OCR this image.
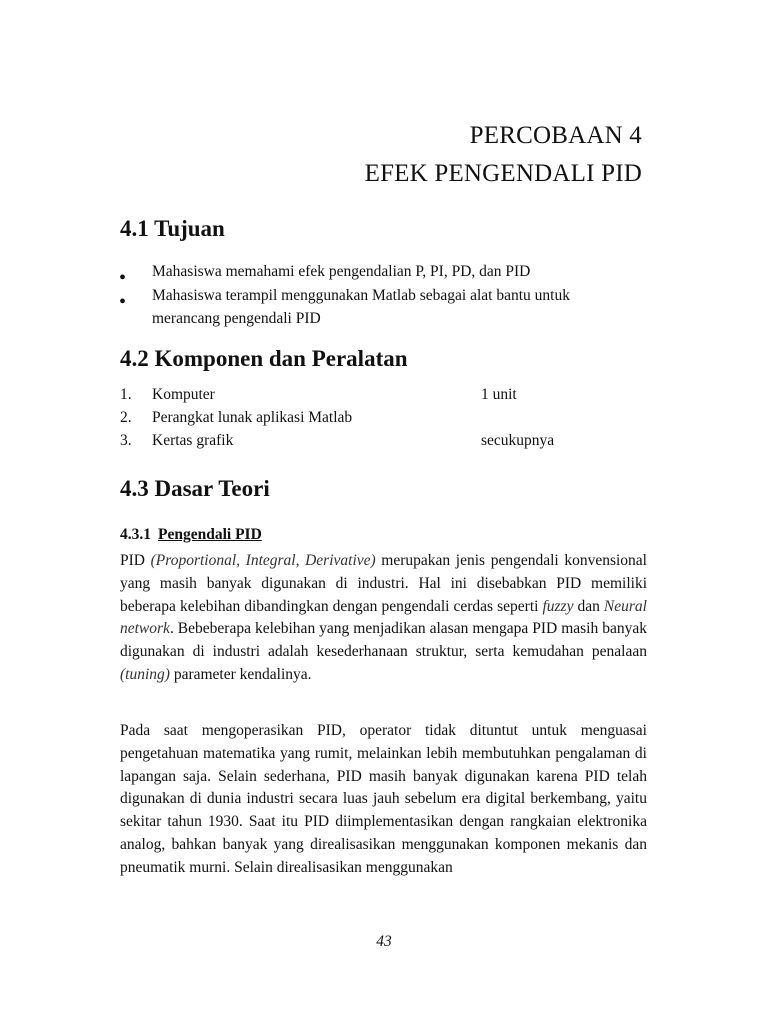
PERCOBAAN 4
EFEK PENGENDALI PID
4.1 Tujuan
•
•
Mahasiswa memahami efek pengendalian P, PI, PD, dan PID
Mahasiswa terampil menggunakan Matlab sebagai alat bantu untuk merancang pengendali PID
4.2 Komponen dan Peralatan
1. Komputer	1 unit
2. Perangkat lunak aplikasi Matlab
3. Kertas grafik	secukupnya
4.3 Dasar Teori
4.3.1 Pengendali PID

PID (Proportional, Integral, Derivative) merupakan jenis pengendali konvensional yang masih banyak digunakan di industri. Hal ini disebabkan PID memiliki beberapa kelebihan dibandingkan dengan pengendali cerdas seperti fuzzy dan Neural network. Bebeberapa kelebihan yang menjadikan alasan mengapa PID masih banyak digunakan di industri adalah kesederhanaan struktur, serta kemudahan penalaan (tuning) parameter kendalinya.

Pada saat mengoperasikan PID, operator tidak dituntut untuk menguasai pengetahuan matematika yang rumit, melainkan lebih membutuhkan pengalaman di lapangan saja. Selain sederhana, PID masih banyak digunakan karena PID telah digunakan di dunia industri secara luas jauh sebelum era digital berkembang, yaitu sekitar tahun 1930. Saat itu PID diimplementasikan dengan rangkaian elektronika analog, bahkan banyak yang direalisasikan menggunakan komponen mekanis dan pneumatik murni. Selain direalisasikan menggunakan

43
